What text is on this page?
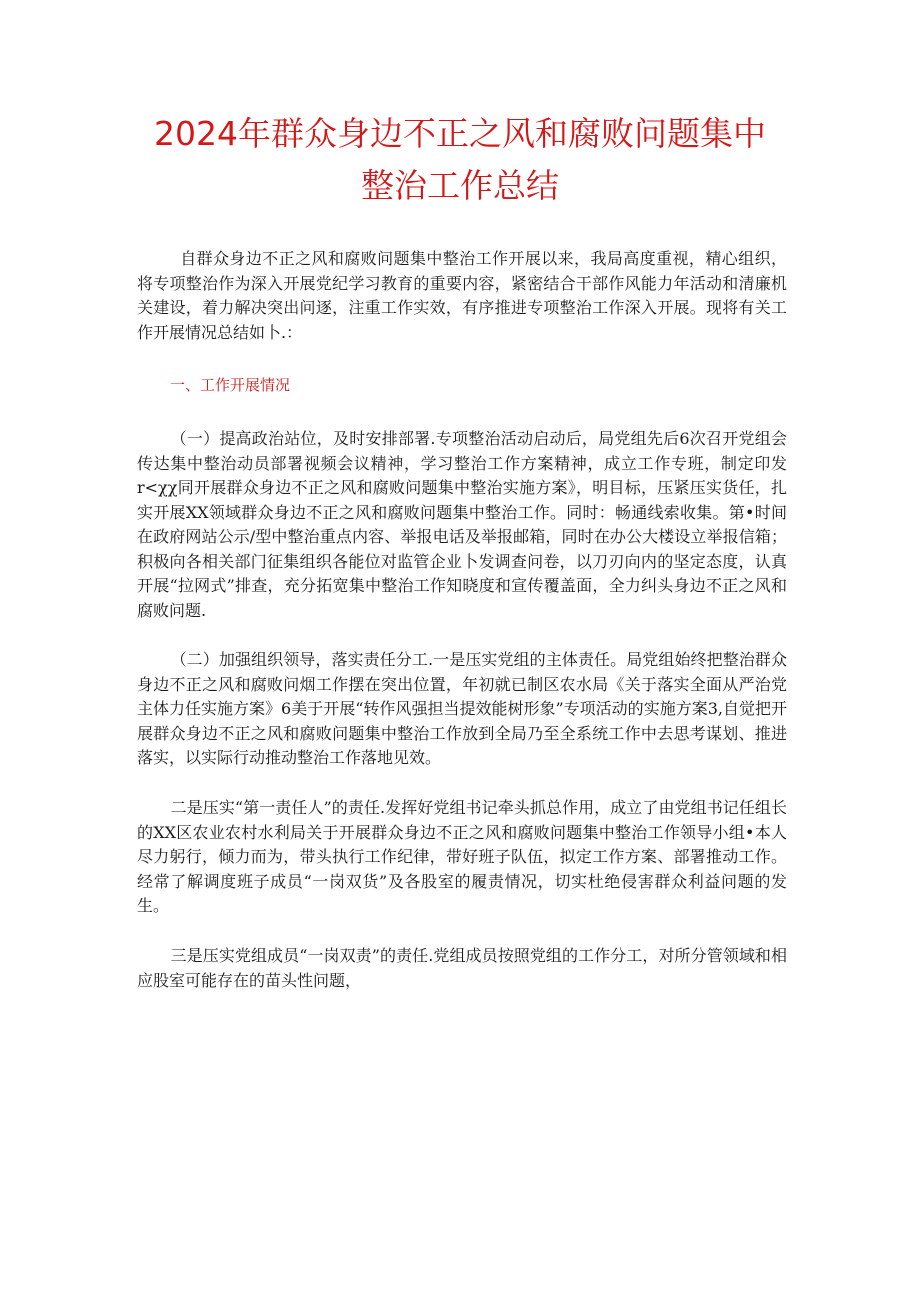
2024年群众身边不正之风和腐败问题集中
整治工作总结

自群众身边不正之风和腐败问题集中整治工作开展以来，我局高度重视，精心组织，将专项整治作为深入开展党纪学习教育的重要内容，紧密结合干部作风能力年活动和清廉机关建设，着力解决突出问逐，注重工作实效，有序推进专项整治工作深入开展。现将有关工作开展情况总结如卜.：

一、工作开展情况

（一）提高政治站位，及时安排部署.专项整治活动启动后，局党组先后6次召开党组会传达集中整治动员部署视频会议精神，学习整治工作方案精神，成立工作专班，制定印发r<χχ同开展群众身边不正之风和腐败问题集中整治实施方案》，明目标，压紧压实货任，扎实开展XX领域群众身边不正之风和腐败问题集中整治工作。同时：畅通线索收集。第•时间在政府网站公示/型中整治重点内容、举报电话及举报邮箱，同时在办公大楼设立举报信箱；积极向各相关部门征集组织各能位对监管企业卜发调查问卷，以刀刃向内的坚定态度，认真开展“拉网式”排查，充分拓宽集中整治工作知晓度和宣传覆盖面，全力纠头身边不正之风和腐败问题.

（二）加强组织领导，落实责任分工.一是压实党组的主体责任。局党组始终把整治群众身边不正之风和腐败问烟工作摆在突出位置，年初就已制区农水局《关于落实全面从严治党主体力任实施方案》6美于开展“转作风强担当提效能树形象”专项活动的实施方案3,自觉把开展群众身边不正之风和腐败问题集中整治工作放到全局乃至全系统工作中去思考谋划、推进落实，以实际行动推动整治工作落地见效。

二是压实“第一责任人”的责任.发挥好党组书记牵头抓总作用，成立了由党组书记任组长的XX区农业农村水利局关于开展群众身边不正之风和腐败问题集中整治工作领导小组•本人尽力躬行，倾力而为，带头执行工作纪律，带好班子队伍，拟定工作方案、部署推动工作。经常了解调度班子成员“一岗双货”及各股室的履责情况，切实杜绝侵害群众利益问题的发生。

三是压实党组成员“一岗双责”的责任.党组成员按照党组的工作分工，对所分管领域和相应股室可能存在的苗头性问题，
